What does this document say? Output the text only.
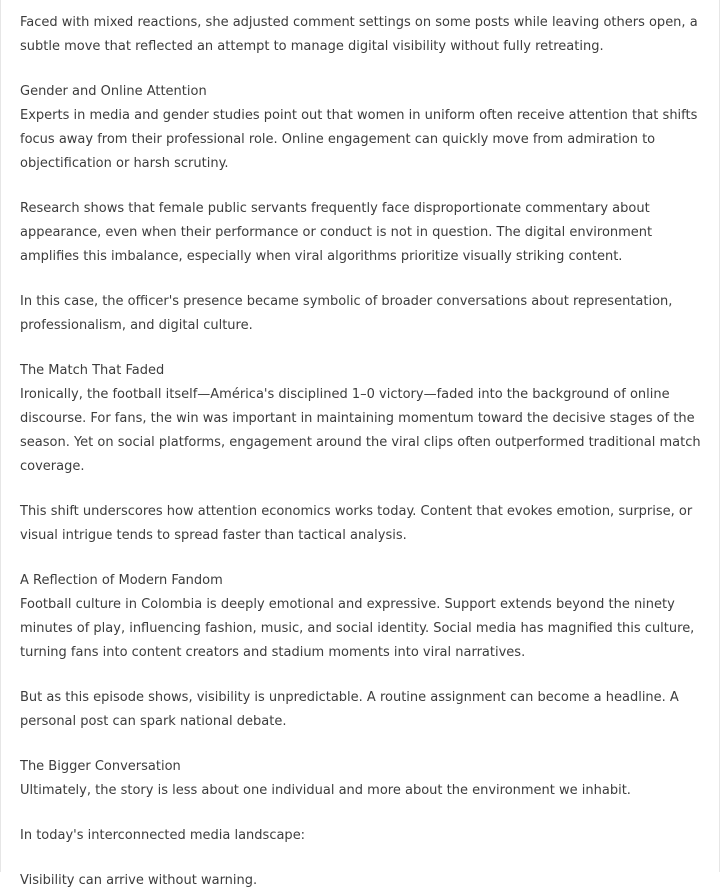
Faced with mixed reactions, she adjusted comment settings on some posts while leaving others open, a subtle move that reflected an attempt to manage digital visibility without fully retreating.

Gender and Online Attention
Experts in media and gender studies point out that women in uniform often receive attention that shifts focus away from their professional role. Online engagement can quickly move from admiration to objectification or harsh scrutiny.

Research shows that female public servants frequently face disproportionate commentary about appearance, even when their performance or conduct is not in question. The digital environment amplifies this imbalance, especially when viral algorithms prioritize visually striking content.

In this case, the officer's presence became symbolic of broader conversations about representation, professionalism, and digital culture.

The Match That Faded
Ironically, the football itself—América's disciplined 1–0 victory—faded into the background of online discourse. For fans, the win was important in maintaining momentum toward the decisive stages of the season. Yet on social platforms, engagement around the viral clips often outperformed traditional match coverage.

This shift underscores how attention economics works today. Content that evokes emotion, surprise, or visual intrigue tends to spread faster than tactical analysis.

A Reflection of Modern Fandom
Football culture in Colombia is deeply emotional and expressive. Support extends beyond the ninety minutes of play, influencing fashion, music, and social identity. Social media has magnified this culture, turning fans into content creators and stadium moments into viral narratives.

But as this episode shows, visibility is unpredictable. A routine assignment can become a headline. A personal post can spark national debate.

The Bigger Conversation
Ultimately, the story is less about one individual and more about the environment we inhabit.

In today's interconnected media landscape:

Visibility can arrive without warning.
